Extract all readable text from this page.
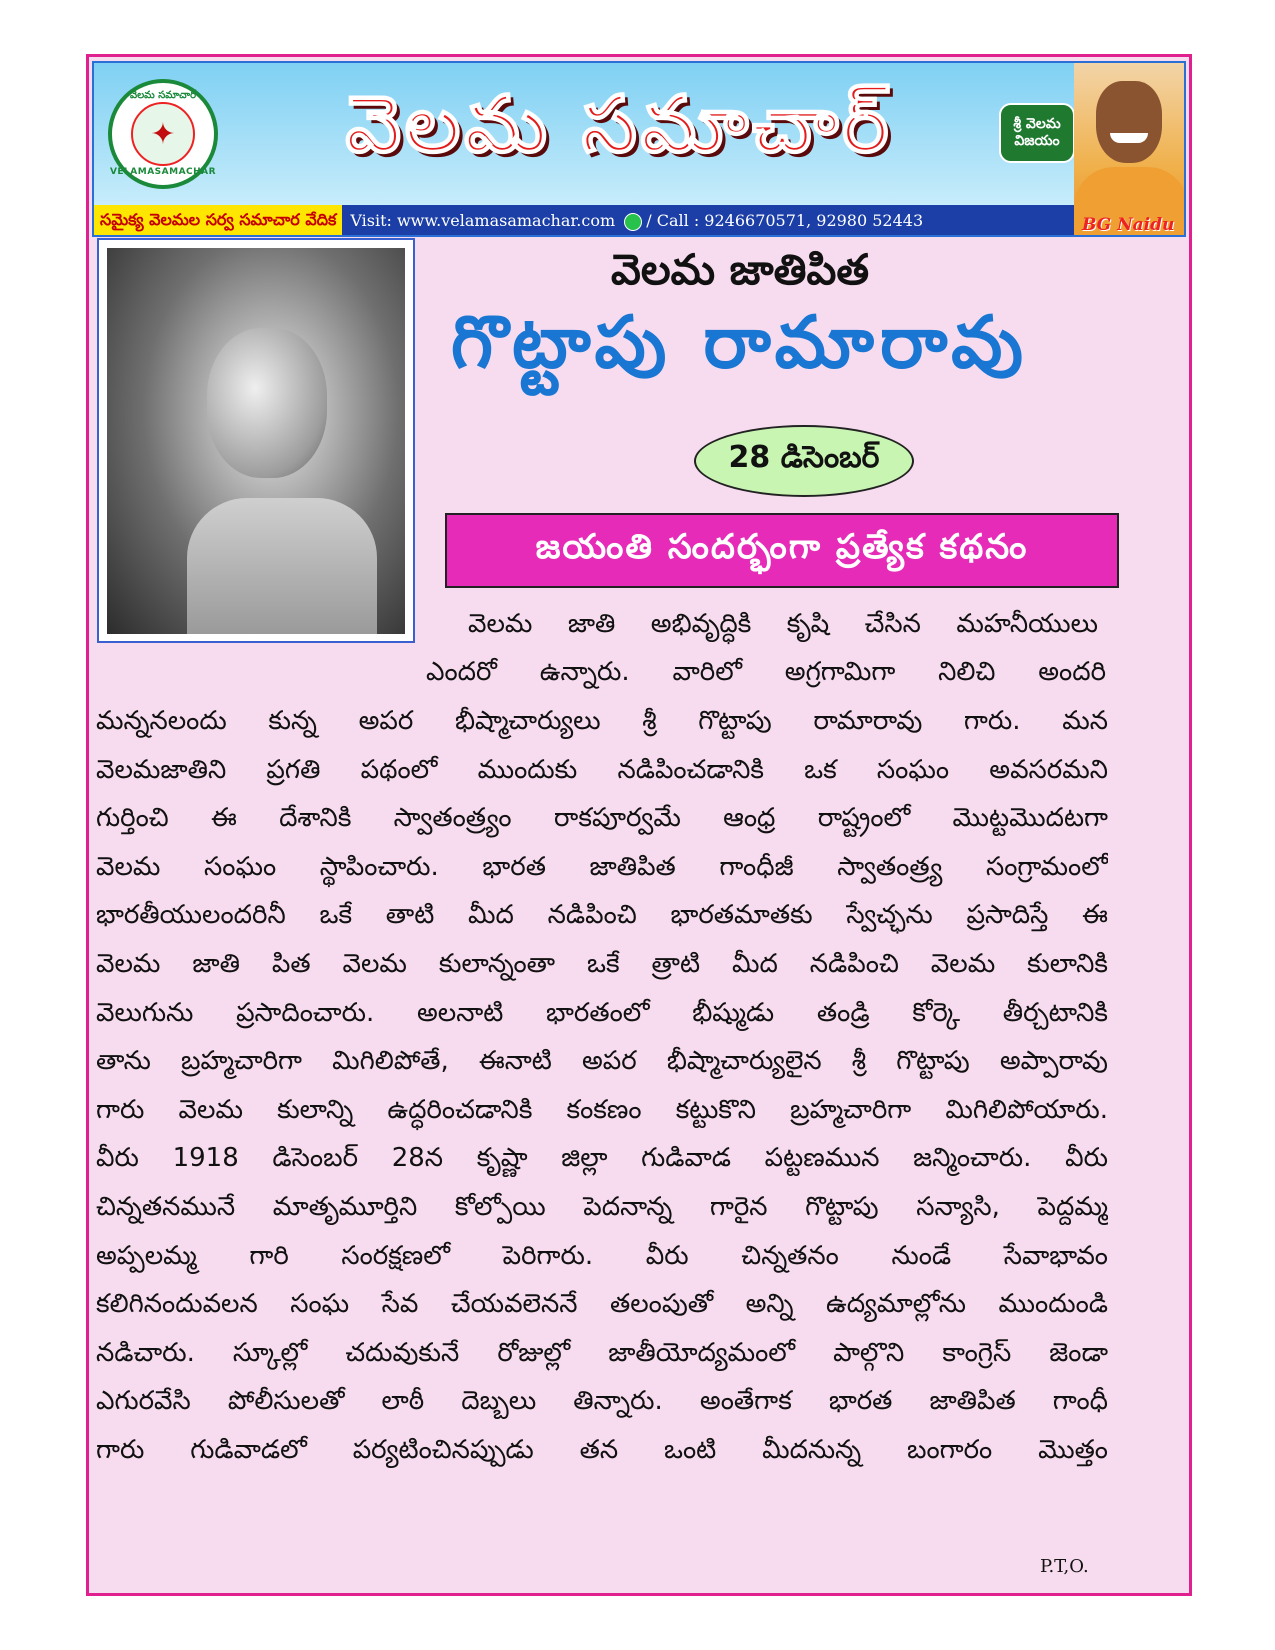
వెలమ సమాచార్
✦
VELAMASAMACHAR
వెలమ సమాచార్	శ్రీ వెలమ విజయం
సమైక్య వెలమల సర్వ సమాచార వేదిక Visit: www.velamasamachar.com / Call : 9246670571, 92980 52443	BG Naidu
వెలమ జాతిపిత
గొట్టాపు రామారావు
28 డిసెంబర్
జయంతి సందర్భంగా ప్రత్యేక కథనం
వెలమ జాతి అభివృద్ధికి కృషి చేసిన మహనీయులు
ఎందరో ఉన్నారు. వారిలో అగ్రగామిగా నిలిచి అందరి
మన్ననలందు కున్న అపర భీష్మాచార్యులు శ్రీ గొట్టాపు రామారావు గారు. మన
వెలమజాతిని ప్రగతి పథంలో ముందుకు నడిపించడానికి ఒక సంఘం అవసరమని
గుర్తించి ఈ దేశానికి స్వాతంత్ర్యం రాకపూర్వమే ఆంధ్ర రాష్ట్రంలో మొట్టమొదటగా
వెలమ సంఘం స్థాపించారు. భారత జాతిపిత గాంధీజీ స్వాతంత్ర్య సంగ్రామంలో
భారతీయులందరినీ ఒకే తాటి మీద నడిపించి భారతమాతకు స్వేచ్ఛను ప్రసాదిస్తే ఈ
వెలమ జాతి పిత వెలమ కులాన్నంతా ఒకే త్రాటి మీద నడిపించి వెలమ కులానికి
వెలుగును ప్రసాదించారు. అలనాటి భారతంలో భీష్ముడు తండ్రి కోర్కె తీర్చటానికి
తాను బ్రహ్మచారిగా మిగిలిపోతే, ఈనాటి అపర భీష్మాచార్యులైన శ్రీ గొట్టాపు అప్పారావు
గారు వెలమ కులాన్ని ఉద్ధరించడానికి కంకణం కట్టుకొని బ్రహ్మచారిగా మిగిలిపోయారు.
వీరు 1918 డిసెంబర్ 28న కృష్ణా జిల్లా గుడివాడ పట్టణమున జన్మించారు. వీరు
చిన్నతనమునే మాతృమూర్తిని కోల్పోయి పెదనాన్న గారైన గొట్టాపు సన్యాసి, పెద్దమ్మ
అప్పలమ్మ గారి సంరక్షణలో పెరిగారు. వీరు చిన్నతనం నుండే సేవాభావం
కలిగినందువలన సంఘ సేవ చేయవలెననే తలంపుతో అన్ని ఉద్యమాల్లోను ముందుండి
నడిచారు. స్కూల్లో చదువుకునే రోజుల్లో జాతీయోద్యమంలో పాల్గొని కాంగ్రెస్ జెండా
ఎగురవేసి పోలీసులతో లాఠీ దెబ్బలు తిన్నారు. అంతేగాక భారత జాతిపిత గాంధీ
గారు గుడివాడలో పర్యటించినప్పుడు తన ఒంటి మీదనున్న బంగారం మొత్తం
P.T,O.
